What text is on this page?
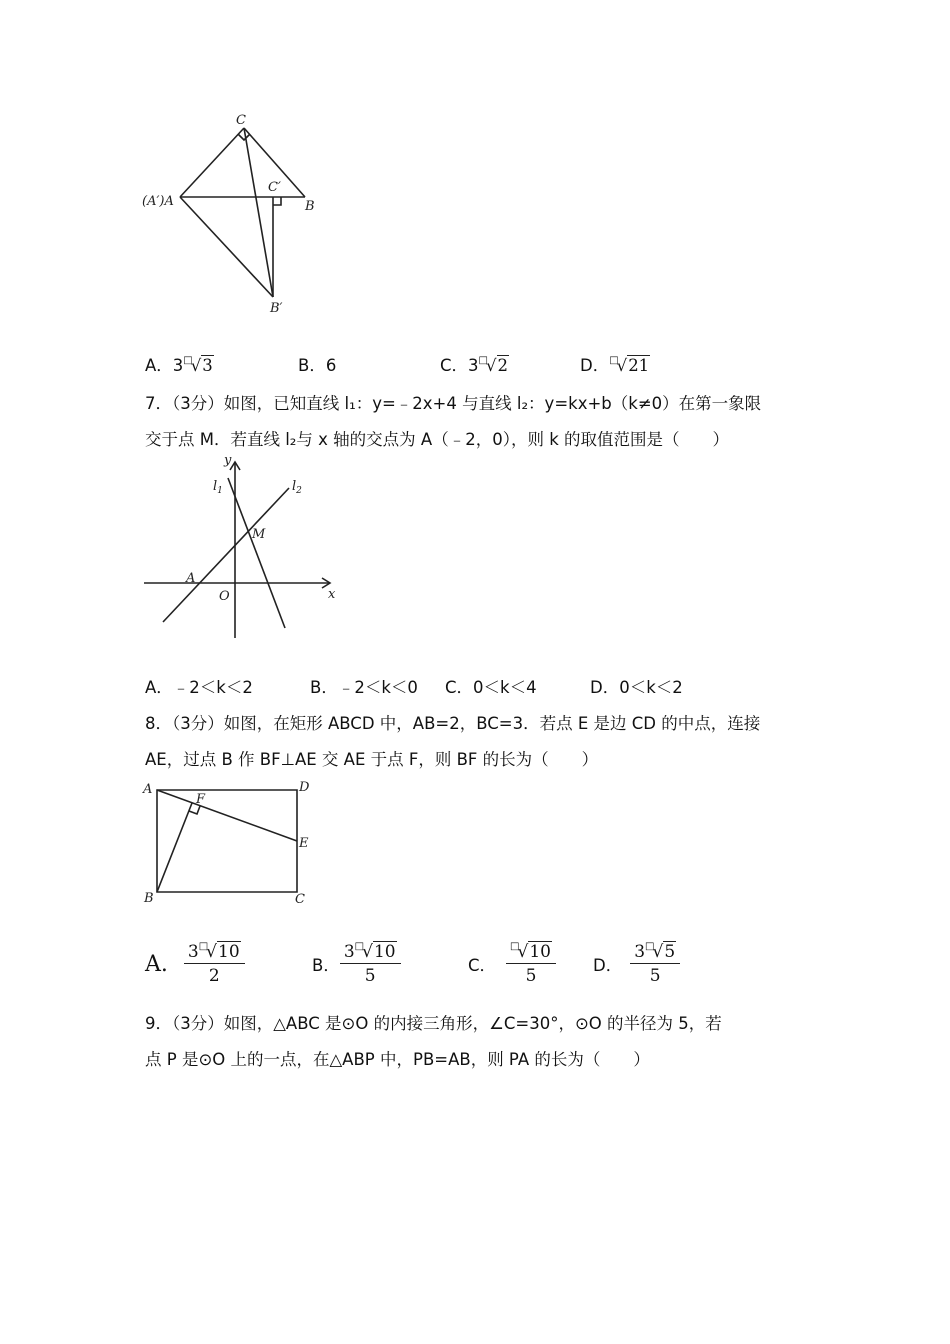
C
C′
(A′)A	B
B′
A．3□√3	B．6	C．3□√2	D．□√21
7．（3分）如图，已知直线 l₁：y=﹣2x+4 与直线 l₂：y=kx+b（k≠0）在第一象限
交于点 M．若直线 l₂与 x 轴的交点为 A（﹣2，0），则 k 的取值范围是（　　）
y
$l_1$	$l_2$
M
A
O	x
A．﹣2＜k＜2	B．﹣2＜k＜0 C．0＜k＜4	D．0＜k＜2
8．（3分）如图，在矩形 ABCD 中，AB=2，BC=3．若点 E 是边 CD 的中点，连接
AE，过点 B 作 BF⊥AE 交 AE 于点 F，则 BF 的长为（　　）
A	D
F
E
B	C
A. $\frac{3^□√10}{2}$	B． $\frac{3^□√10}{5}$	C． $\frac{^□√10}{5}$ D． $\frac{3^□√5}{5}$
9．（3分）如图，△ABC 是⊙O 的内接三角形，∠C=30°，⊙O 的半径为 5，若
点 P 是⊙O 上的一点，在△ABP 中，PB=AB，则 PA 的长为（　　）
